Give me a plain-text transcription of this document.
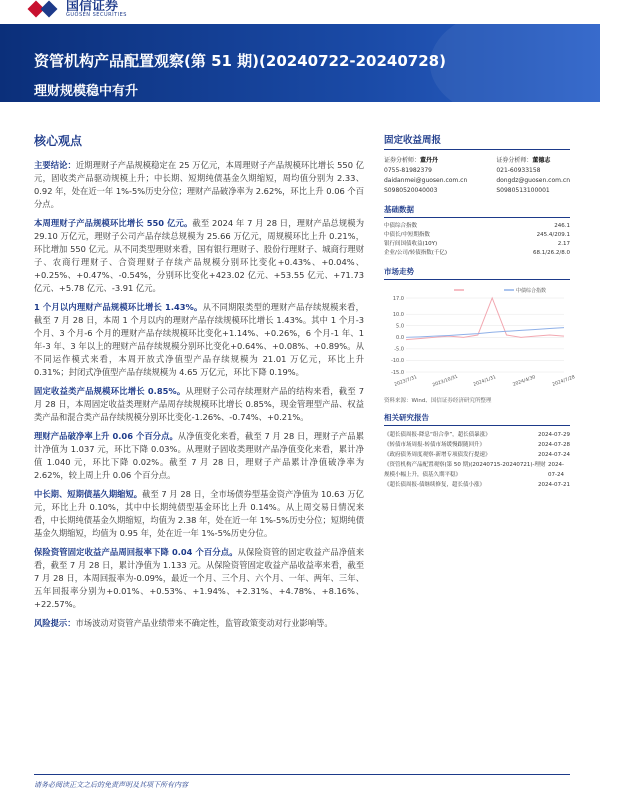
国信证券
GUOSEN SECURITIES
资管机构产品配置观察(第 51 期)(20240722-20240728)
理财规模稳中有升
核心观点

主要结论：近期理财子产品规模稳定在 25 万亿元，本周理财子产品规模环比增长 550 亿元，固收类产品驱动规模上升；中长期、短期纯债基金久期缩短，周均值分别为 2.33、0.92 年，处在近一年 1%-5%历史分位；理财产品破净率为 2.62%，环比上升 0.06 个百分点。

本周理财子产品规模环比增长 550 亿元。截至 2024 年 7 月 28 日，理财产品总规模为 29.10 万亿元，理财子公司产品存续总规模为 25.66 万亿元，周规模环比上升 0.21%，环比增加 550 亿元。从不同类型理财来看，国有银行理财子、股份行理财子、城商行理财子、农商行理财子、合资理财子存续产品规模分别环比变化+0.43%、+0.04%、+0.25%、+0.47%、-0.54%，分别环比变化+423.02 亿元、+53.55 亿元、+71.73 亿元、+5.78 亿元、-3.91 亿元。

1 个月以内理财产品规模环比增长 1.43%。从不同期限类型的理财产品存续规模来看，截至 7 月 28 日，本周 1 个月以内的理财产品存续规模环比增长 1.43%。其中 1 个月-3 个月、3 个月-6 个月的理财产品存续规模环比变化+1.14%、+0.26%，6 个月-1 年、1 年-3 年、3 年以上的理财产品存续规模分别环比变化+0.64%、+0.08%、+0.89%。从不同运作模式来看，本周开放式净值型产品存续规模为 21.01 万亿元，环比上升 0.31%；封闭式净值型产品存续规模为 4.65 万亿元，环比下降 0.19%。

固定收益类产品规模环比增长 0.85%。从理财子公司存续理财产品的结构来看，截至 7 月 28 日，本周固定收益类理财产品周存续规模环比增长 0.85%，现金管理型产品、权益类产品和混合类产品存续规模分别环比变化-1.26%、-0.74%、+0.21%。

理财产品破净率上升 0.06 个百分点。从净值变化来看，截至 7 月 28 日，理财子产品累计净值为 1.037 元，环比下降 0.03%。从理财子固收类理财产品净值变化来看，累计净值 1.040 元，环比下降 0.02%。截至 7 月 28 日，理财子产品累计净值破净率为 2.62%，较上周上升 0.06 个百分点。

中长期、短期债基久期缩短。截至 7 月 28 日，全市场债券型基金资产净值为 10.63 万亿元，环比上升 0.10%，其中中长期纯债型基金环比上升 0.14%。从上周交易日情况来看，中长期纯债基金久期缩短，均值为 2.38 年，处在近一年 1%-5%历史分位；短期纯债基金久期缩短，均值为 0.95 年，处在近一年 1%-5%历史分位。

保险资管固定收益产品周回报率下降 0.04 个百分点。从保险资管的固定收益产品净值来看，截至 7 月 28 日，累计净值为 1.133 元。从保险资管固定收益产品收益率来看，截至 7 月 28 日，本周回报率为-0.09%，最近一个月、三个月、六个月、一年、两年、三年、五年回报率分别为+0.01%、+0.53%、+1.94%、+2.31%、+4.78%、+8.16%、+22.57%。

风险提示：市场波动对资管产品业绩带来不确定性，监管政策变动对行业影响等。

固定收益周报
证券分析师：董丹丹
0755-81982379
daidanmei@guosen.com.cn
S0980520040003
证券分析师：董德志
021-60933158
dongdz@guosen.com.cn
S0980513100001
基础数据
中债综合指数	246.1
中债长/中短期指数	245.4/209.1
银行间国债收益(10Y)	2.17
企业/公司/转债指数(千亿)	68.1/26.2/8.0
市场走势
中债综合指数
17.0
10.0
5.0
0.0
-5.0
-10.0
-15.0
2023/7/31	2023/10/31	2024/1/31	2024/4/30	2024/7/28
资料来源：Wind、国信证券经济研究所整理
相关研究报告
《超长债周报-降息“组合拳”，超长债暴涨》	2024-07-29
《转债市场周报-转债市场缓慢跟随回升》	2024-07-28
《政府债务周度观察-新增专项债发行提速》	2024-07-24
《资管机构产品配置观察(第 50 期)(20240715-20240721)-理财规模小幅上升，债基久期平稳》
2024-07-24
《超长债周报-债继续修复，超长债小涨》	2024-07-21
请务必阅读正文之后的免责声明及其项下所有内容
